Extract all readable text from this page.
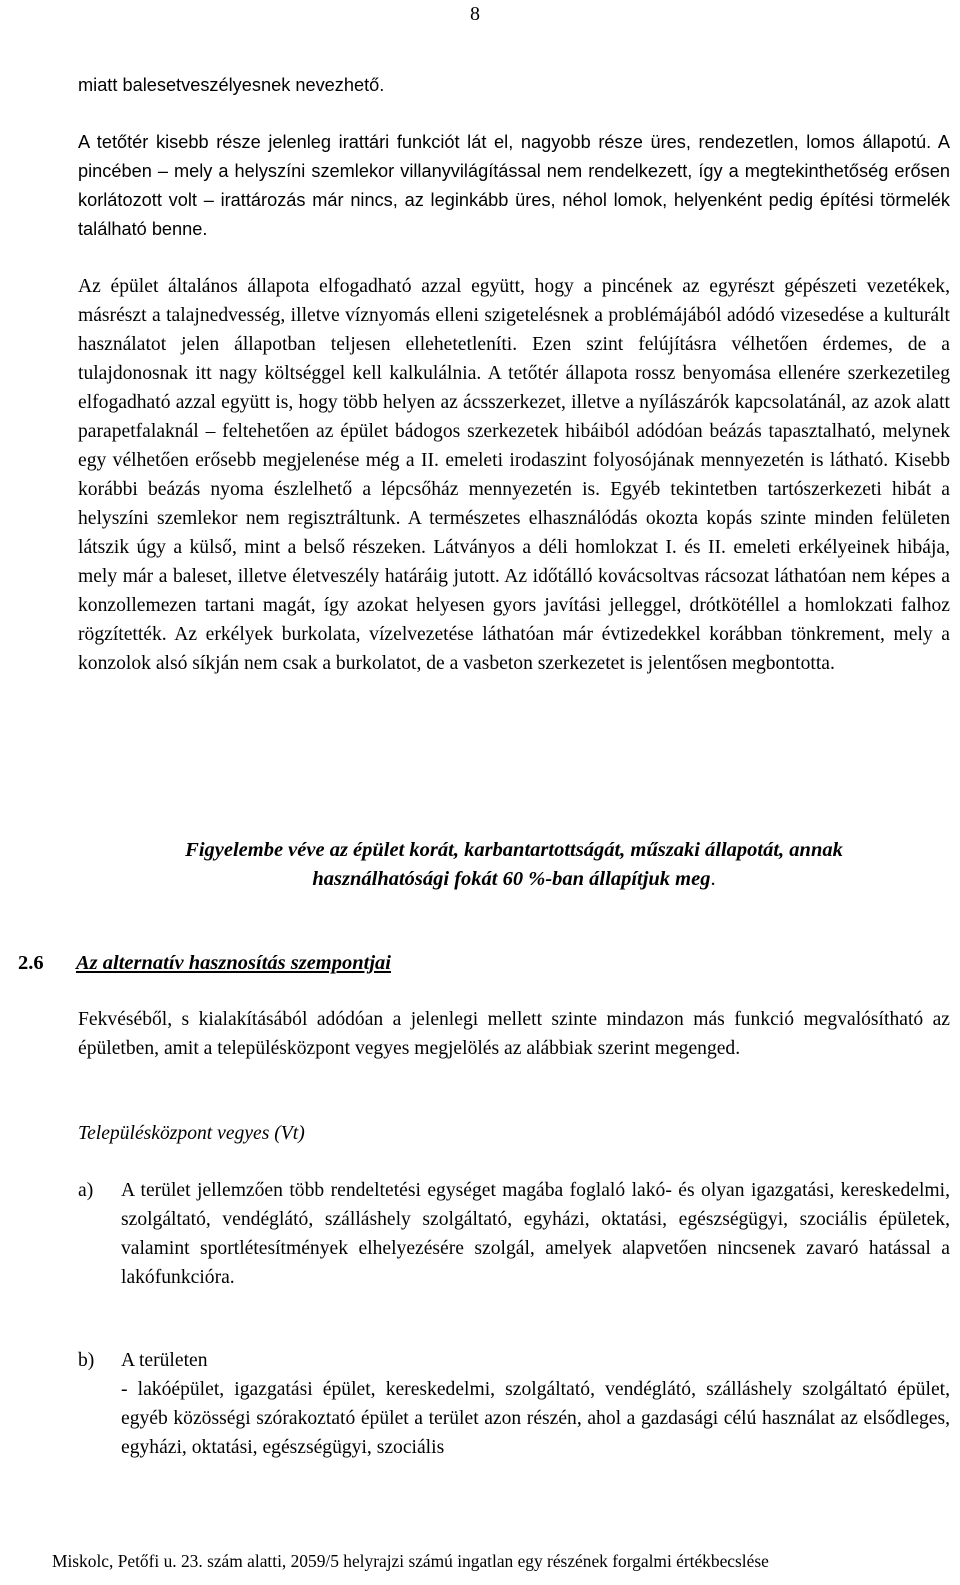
8

miatt balesetveszélyesnek nevezhető.

A tetőtér kisebb része jelenleg irattári funkciót lát el, nagyobb része üres, rendezetlen, lomos állapotú. A pincében – mely a helyszíni szemlekor villanyvilágítással nem rendelkezett, így a megtekinthetőség erősen korlátozott volt – irattározás már nincs, az leginkább üres, néhol lomok, helyenként pedig építési törmelék található benne.

Az épület általános állapota elfogadható azzal együtt, hogy a pincének az egyrészt gépészeti vezetékek, másrészt a talajnedvesség, illetve víznyomás elleni szigetelésnek a problémájából adódó vizesedése a kulturált használatot jelen állapotban teljesen ellehetetleníti. Ezen szint felújításra vélhetően érdemes, de a tulajdonosnak itt nagy költséggel kell kalkulálnia. A tetőtér állapota rossz benyomása ellenére szerkezetileg elfogadható azzal együtt is, hogy több helyen az ácsszerkezet, illetve a nyílászárók kapcsolatánál, az azok alatt parapetfalaknál – feltehetően az épület bádogos szerkezetek hibáiból adódóan beázás tapasztalható, melynek egy vélhetően erősebb megjelenése még a II. emeleti irodaszint folyosójának mennyezetén is látható. Kisebb korábbi beázás nyoma észlelhető a lépcsőház mennyezetén is. Egyéb tekintetben tartószerkezeti hibát a helyszíni szemlekor nem regisztráltunk. A természetes elhasználódás okozta kopás szinte minden felületen látszik úgy a külső, mint a belső részeken. Látványos a déli homlokzat I. és II. emeleti erkélyeinek hibája, mely már a baleset, illetve életveszély határáig jutott. Az időtálló kovácsoltvas rácsozat láthatóan nem képes a konzollemezen tartani magát, így azokat helyesen gyors javítási jelleggel, drótkötéllel a homlokzati falhoz rögzítették. Az erkélyek burkolata, vízelvezetése láthatóan már évtizedekkel korábban tönkrement, mely a konzolok alsó síkján nem csak a burkolatot, de a vasbeton szerkezetet is jelentősen megbontotta.

Figyelembe véve az épület korát, karbantartottságát, műszaki állapotát, annak
használhatósági fokát 60 %-ban állapítjuk meg.
2.6 Az alternatív hasznosítás szempontjai

Fekvéséből, s kialakításából adódóan a jelenlegi mellett szinte mindazon más funkció megvalósítható az épületben, amit a településközpont vegyes megjelölés az alábbiak szerint megenged.

Településközpont vegyes (Vt)
a) A terület jellemzően több rendeltetési egységet magába foglaló lakó- és olyan igazgatási, kereskedelmi, szolgáltató, vendéglátó, szálláshely szolgáltató, egyházi, oktatási, egészségügyi, szociális épületek, valamint sportlétesítmények elhelyezésére szolgál, amelyek alapvetően nincsenek zavaró hatással a lakófunkcióra.
b) A területen
- lakóépület, igazgatási épület, kereskedelmi, szolgáltató, vendéglátó, szálláshely szolgáltató épület, egyéb közösségi szórakoztató épület a terület azon részén, ahol a gazdasági célú használat az elsődleges, egyházi, oktatási, egészségügyi, szociális
Miskolc, Petőfi u. 23. szám alatti, 2059/5 helyrajzi számú ingatlan egy részének forgalmi értékbecslése
